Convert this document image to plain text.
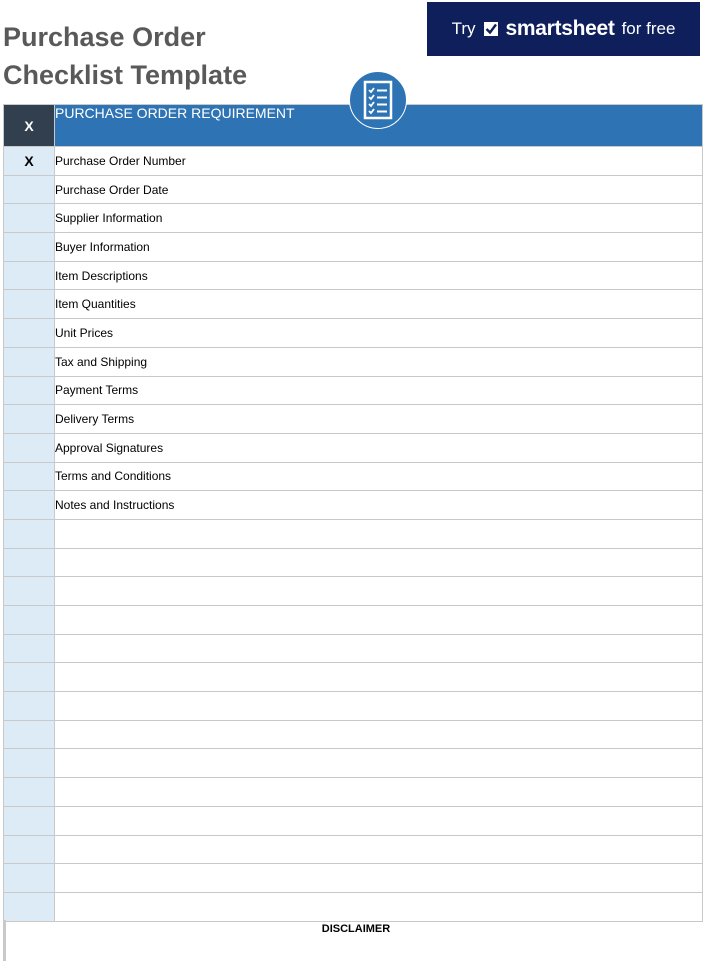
Purchase Order
Checklist Template
Try smartsheet for free
X	PURCHASE ORDER REQUIREMENT
X	Purchase Order Number
	Purchase Order Date
	Supplier Information
	Buyer Information
	Item Descriptions
	Item Quantities
	Unit Prices
	Tax and Shipping
	Payment Terms
	Delivery Terms
	Approval Signatures
	Terms and Conditions
	Notes and Instructions

DISCLAIMER
